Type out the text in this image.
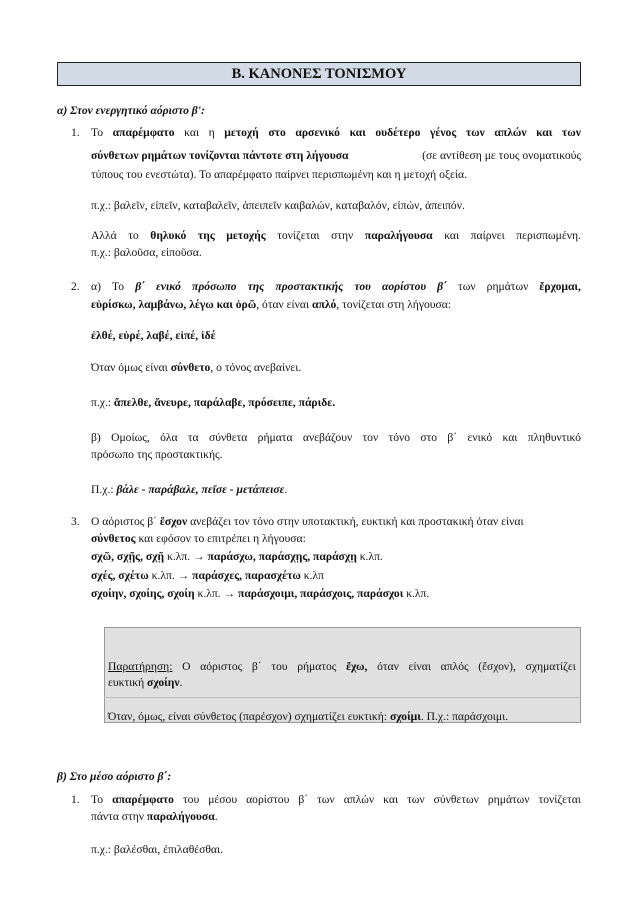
Β. ΚΑΝΟΝΕΣ ΤΟΝΙΣΜΟΥ
α) Στον ενεργητικό αόριστο β':
1. Το απαρέμφατο και η μετοχή στο αρσενικό και ουδέτερο γένος των απλών και των
σύνθετων ρημάτων τονίζονται πάντοτε στη λήγουσα	(σε αντίθεση με τους ονοματικούς
τύπους του ενεστώτα). Το απαρέμφατο παίρνει περισπωμένη και η μετοχή οξεία.
π.χ.: βαλεῖν, εἰπεῖν, καταβαλεῖν, ἀπειπεῖν καιβαλών, καταβαλόν, εἰπών, ἀπειπόν.
Αλλά το θηλυκό της μετοχής τονίζεται στην παραλήγουσα και παίρνει περισπωμένη.
π.χ.: βαλοῦσα, εἰποῦσα.
2. α) Το β΄ ενικό πρόσωπο της προστακτικής του αορίστου β΄ των ρημάτων ἔρχομαι,
εὑρίσκω, λαμβάνω, λέγω και ὁρῶ, όταν είναι απλό, τονίζεται στη λήγουσα:
ἐλθέ, εὑρέ, λαβέ, εἰπέ, ἰδέ
Όταν όμως είναι σύνθετο, ο τόνος ανεβαίνει.
π.χ.: ἄπελθε, ἄνευρε, παράλαβε, πρόσειπε, πάριδε.
β) Ομοίως, όλα τα σύνθετα ρήματα ανεβάζουν τον τόνο στο β΄ ενικό και πληθυντικό
πρόσωπο της προστακτικής.
Π.χ.: βάλε - παράβαλε, πεῖσε - μετάπεισε.
3. Ο αόριστος β΄ ἔσχον ανεβάζει τον τόνο στην υποτακτική, ευκτική και προστακική όταν είναι
σύνθετος και εφόσον το επιτρέπει η λήγουσα:
σχῶ, σχῇς, σχῇ κ.λπ. → παράσχω, παράσχῃς, παράσχῃ κ.λπ.
σχές, σχέτω κ.λπ. → παράσχες, παρασχέτω κ.λπ
σχοίην, σχοίης, σχοίη κ.λπ. → παράσχοιμι, παράσχοις, παράσχοι κ.λπ.
Παρατήρηση: Ο αόριστος β΄ του ρήματος ἔχω, όταν είναι απλός (ἔσχον), σχηματίζει
ευκτική σχοίην.
Όταν, όμως, είναι σύνθετος (παρέσχον) σχηματίζει ευκτική: σχοίμι. Π.χ.: παράσχοιμι.
β) Στο μέσο αόριστο β΄:
1. Το απαρέμφατο του μέσου αορίστου β΄ των απλών και των σύνθετων ρημάτων τονίζεται
πάντα στην παραλήγουσα.
π.χ.: βαλέσθαι, ἐπιλαθέσθαι.
